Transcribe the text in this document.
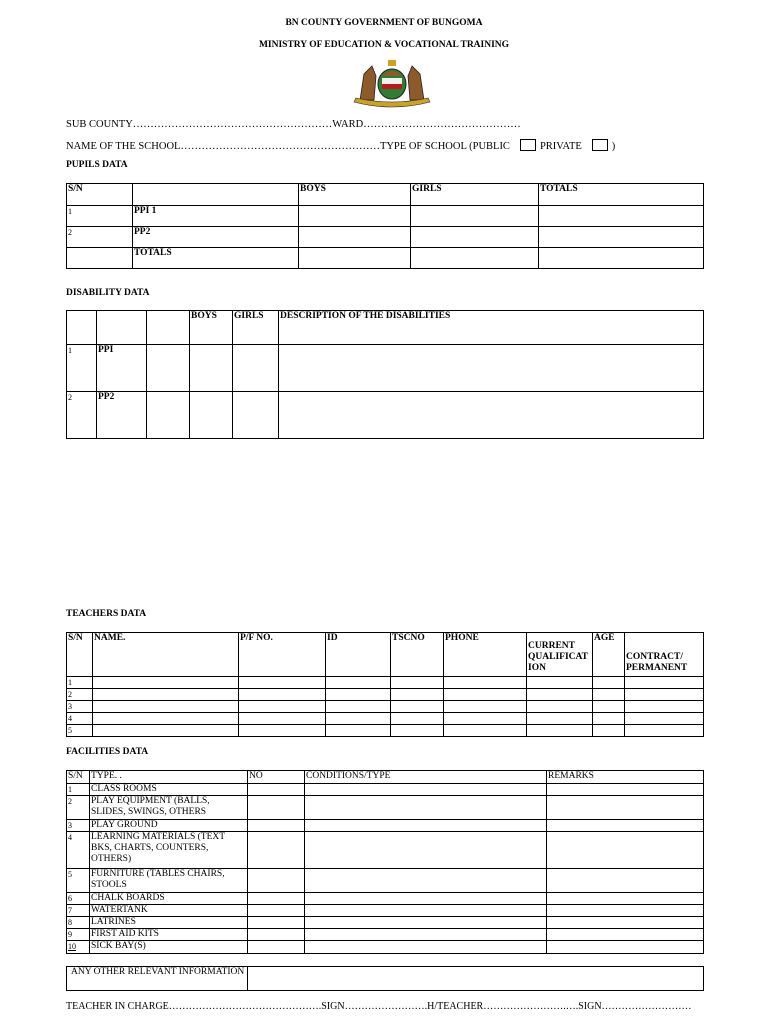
BN COUNTY GOVERNMENT OF BUNGOMA
MINISTRY OF EDUCATION & VOCATIONAL TRAINING
SUB COUNTY…………………………………………………WARD………………………………………
NAME OF THE SCHOOL…………………………………………………TYPE OF SCHOOL (PUBLIC	PRIVATE	)
PUPILS DATA
S/N		BOYS	GIRLS	TOTALS
1	PPI 1			
2	PP2			
	TOTALS			
DISABILITY DATA
			BOYS	GIRLS	DESCRIPTION OF THE DISABILITIES
1	PPI				
2	PP2				
TEACHERS DATA
S/N	NAME.	P/F NO.	ID	TSCNO	PHONE	CURRENT QUALIFICAT ION	AGE	CONTRACT/ PERMANENT
1								
2								
3								
4								
5								
FACILITIES DATA
S/N	TYPE. .	NO	CONDITIONS/TYPE	REMARKS
1	CLASS ROOMS			
2	PLAY EQUIPMENT (BALLS, SLIDES, SWINGS, OTHERS			
3	PLAY GROUND			
4	LEARNING MATERIALS (TEXT BKS, CHARTS, COUNTERS, OTHERS)			
5	FURNITURE (TABLES CHAIRS, STOOLS			
6	CHALK BOARDS			
7	WATERTANK			
8	LATRINES			
9	FIRST AID KITS			
10	SICK BAY(S)			
ANY OTHER RELEVANT INFORMATION	
TEACHER IN CHARGE……………………………………….SIGN…………………….H/TEACHER…………………….….SIGN………………………
